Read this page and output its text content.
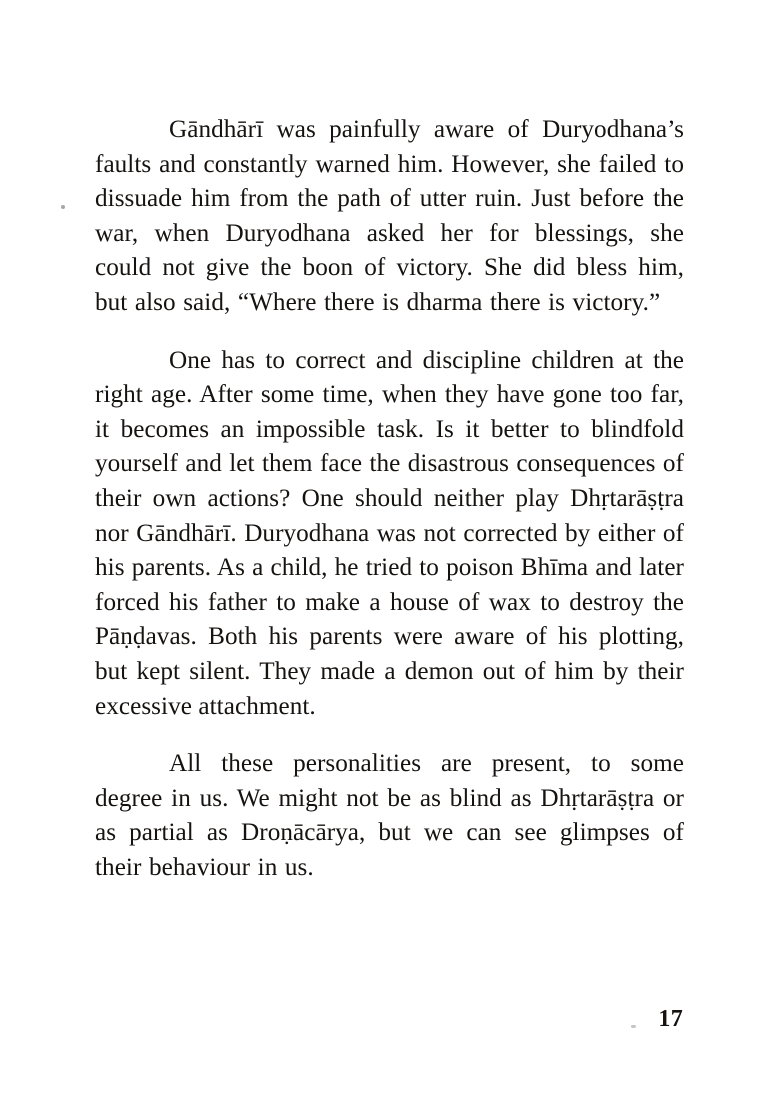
Gāndhārī was painfully aware of Duryodhana’s faults and constantly warned him. However, she failed to dissuade him from the path of utter ruin. Just before the war, when Duryodhana asked her for blessings, she could not give the boon of victory. She did bless him, but also said, “Where there is dharma there is victory.”

One has to correct and discipline children at the right age. After some time, when they have gone too far, it becomes an impossible task. Is it better to blindfold yourself and let them face the disastrous consequences of their own actions? One should neither play Dhṛtarāṣṭra nor Gāndhārī. Duryodhana was not corrected by either of his parents. As a child, he tried to poison Bhīma and later forced his father to make a house of wax to destroy the Pāṇḍavas. Both his parents were aware of his plotting, but kept silent. They made a demon out of him by their excessive attachment.

All these personalities are present, to some degree in us. We might not be as blind as Dhṛtarāṣṭra or as partial as Droṇācārya, but we can see glimpses of their behaviour in us.

17
